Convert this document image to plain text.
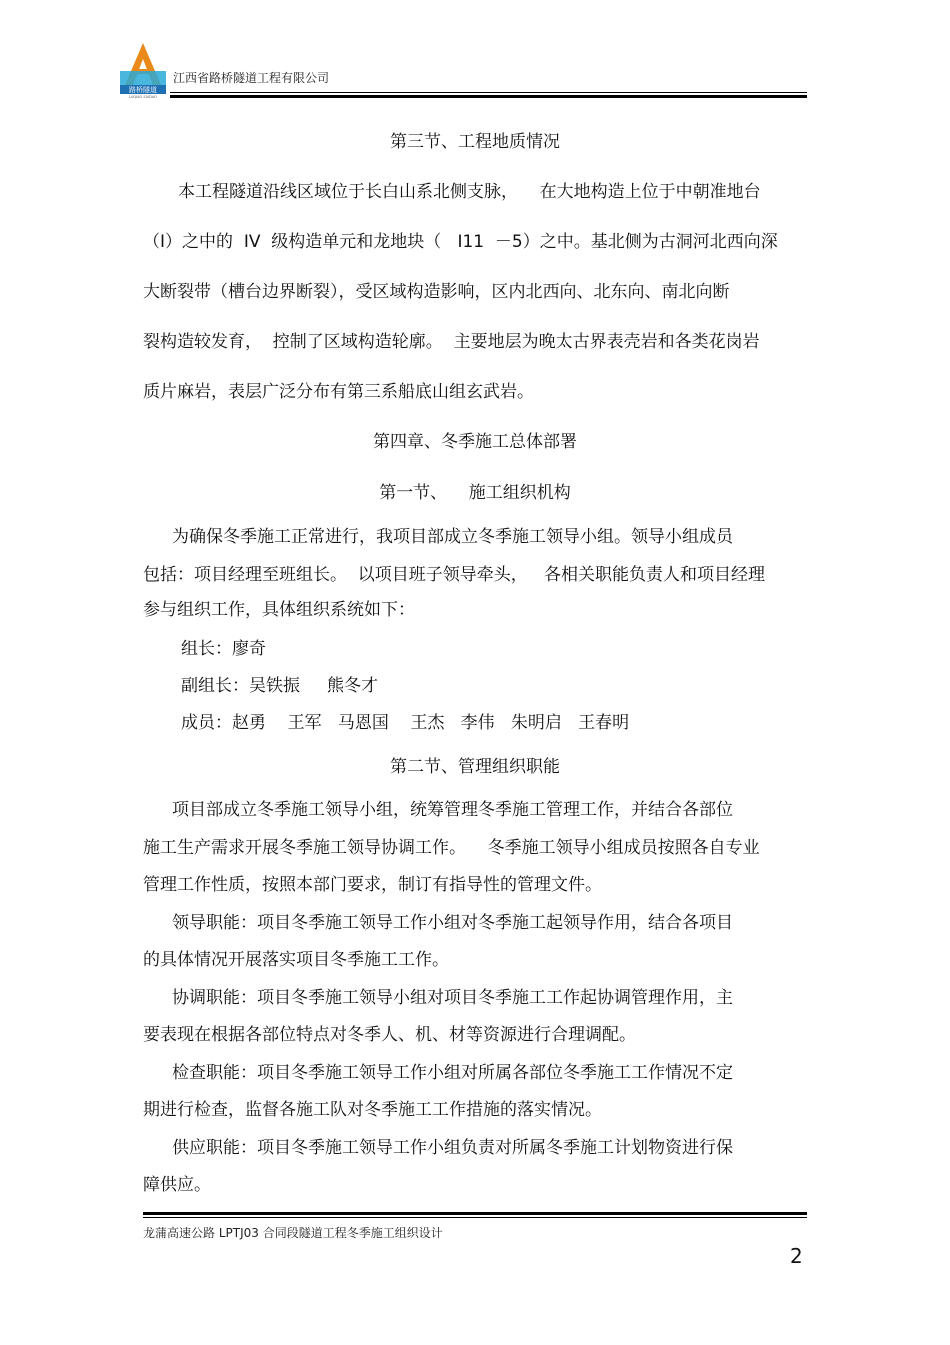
路桥隧道
LUQIAO SUIDAO
江西省路桥隧道工程有限公司
第三节、工程地质情况
本工程隧道沿线区域位于长白山系北侧支脉，    在大地构造上位于中朝准地台
（I）之中的  IV  级构造单元和龙地块（   I11  －5）之中。基北侧为古洞河北西向深
大断裂带（槽台边界断裂），受区域构造影响，区内北西向、北东向、南北向断
裂构造较发育，  控制了区域构造轮廓。  主要地层为晚太古界表壳岩和各类花岗岩
质片麻岩，表层广泛分布有第三系船底山组玄武岩。
第四章、冬季施工总体部署
第一节、    施工组织机构
为确保冬季施工正常进行，我项目部成立冬季施工领导小组。领导小组成员
包括：项目经理至班组长。  以项目班子领导牵头，   各相关职能负责人和项目经理
参与组织工作，具体组织系统如下：
组长：廖奇
副组长：吴铁振     熊冬才
成员：赵勇    王军   马恩国    王杰   李伟   朱明启   王春明
第二节、管理组织职能
项目部成立冬季施工领导小组，统筹管理冬季施工管理工作，并结合各部位
施工生产需求开展冬季施工领导协调工作。    冬季施工领导小组成员按照各自专业
管理工作性质，按照本部门要求，制订有指导性的管理文件。
领导职能：项目冬季施工领导工作小组对冬季施工起领导作用，结合各项目
的具体情况开展落实项目冬季施工工作。
协调职能：项目冬季施工领导小组对项目冬季施工工作起协调管理作用，主
要表现在根据各部位特点对冬季人、机、材等资源进行合理调配。
检查职能：项目冬季施工领导工作小组对所属各部位冬季施工工作情况不定
期进行检查，监督各施工队对冬季施工工作措施的落实情况。
供应职能：项目冬季施工领导工作小组负责对所属冬季施工计划物资进行保
障供应。
龙蒲高速公路 LPTJ03 合同段隧道工程冬季施工组织设计
2
